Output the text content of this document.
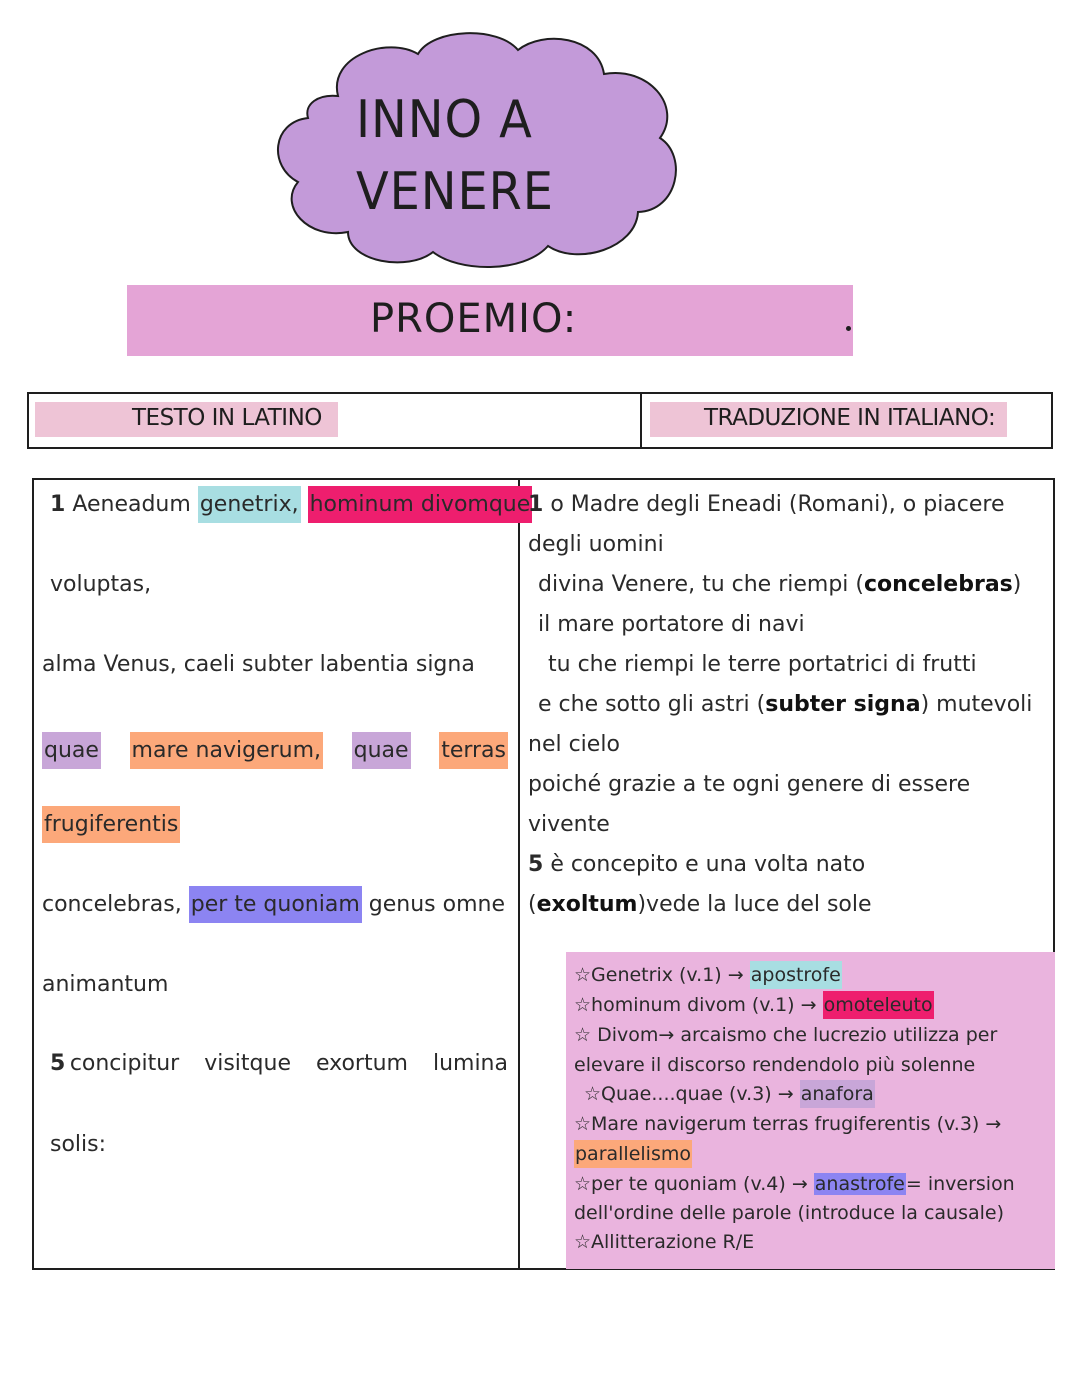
INNO A
VENERE
PROEMIO:
TESTO IN LATINO	TRADUZIONE IN ITALIANO:
1 Aeneadum genetrix, hominum divomque
voluptas,
alma Venus, caeli subter labentia signa
quae mare navigerum, quae terras
frugiferentis
concelebras, per te quoniam genus omne
animantum
5 concipitur visitque exortum lumina
solis:
1 o Madre degli Eneadi (Romani), o piacere
degli uomini
divina Venere, tu che riempi (concelebras)
il mare portatore di navi
tu che riempi le terre portatrici di frutti
e che sotto gli astri (subter signa) mutevoli
nel cielo
poiché grazie a te ogni genere di essere
vivente
5 è concepito e una volta nato
(exoltum)vede la luce del sole
☆Genetrix (v.1) → apostrofe
☆hominum divom (v.1) → omoteleuto
☆ Divom→ arcaismo che lucrezio utilizza per
elevare il discorso rendendolo più solenne
☆Quae....quae (v.3) → anafora
☆Mare navigerum terras frugiferentis (v.3) →
parallelismo
☆per te quoniam (v.4) → anastrofe= inversion
dell'ordine delle parole (introduce la causale)
☆Allitterazione R/E
